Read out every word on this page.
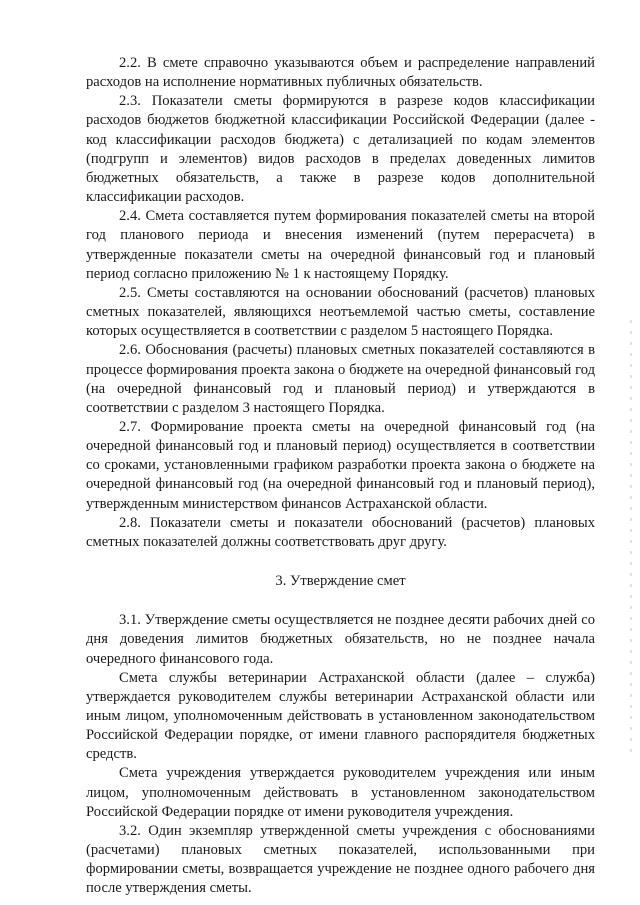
2.2. В смете справочно указываются объем и распределение направлений расходов на исполнение нормативных публичных обязательств.

2.3. Показатели сметы формируются в разрезе кодов классификации расходов бюджетов бюджетной классификации Российской Федерации (далее - код классификации расходов бюджета) с детализацией по кодам элементов (подгрупп и элементов) видов расходов в пределах доведенных лимитов бюджетных обязательств, а также в разрезе кодов дополнительной классификации расходов.

2.4. Смета составляется путем формирования показателей сметы на второй год планового периода и внесения изменений (путем перерасчета) в утвержденные показатели сметы на очередной финансовый год и плановый период согласно приложению № 1 к настоящему Порядку.

2.5. Сметы составляются на основании обоснований (расчетов) плановых сметных показателей, являющихся неотъемлемой частью сметы, составление которых осуществляется в соответствии с разделом 5 настоящего Порядка.

2.6. Обоснования (расчеты) плановых сметных показателей составляются в процессе формирования проекта закона о бюджете на очередной финансовый год (на очередной финансовый год и плановый период) и утверждаются в соответствии с разделом 3 настоящего Порядка.

2.7. Формирование проекта сметы на очередной финансовый год (на очередной финансовый год и плановый период) осуществляется в соответствии со сроками, установленными графиком разработки проекта закона о бюджете на очередной финансовый год (на очередной финансовый год и плановый период), утвержденным министерством финансов Астраханской области.

2.8. Показатели сметы и показатели обоснований (расчетов) плановых сметных показателей должны соответствовать друг другу.

3. Утверждение смет

3.1. Утверждение сметы осуществляется не позднее десяти рабочих дней со дня доведения лимитов бюджетных обязательств, но не позднее начала очередного финансового года.

Смета службы ветеринарии Астраханской области (далее – служба) утверждается руководителем службы ветеринарии Астраханской области или иным лицом, уполномоченным действовать в установленном законодательством Российской Федерации порядке, от имени главного распорядителя бюджетных средств.

Смета учреждения утверждается руководителем учреждения или иным лицом, уполномоченным действовать в установленном законодательством Российской Федерации порядке от имени руководителя учреждения.

3.2. Один экземпляр утвержденной сметы учреждения с обоснованиями (расчетами) плановых сметных показателей, использованными при формировании сметы, возвращается учреждение не позднее одного рабочего дня после утверждения сметы.
